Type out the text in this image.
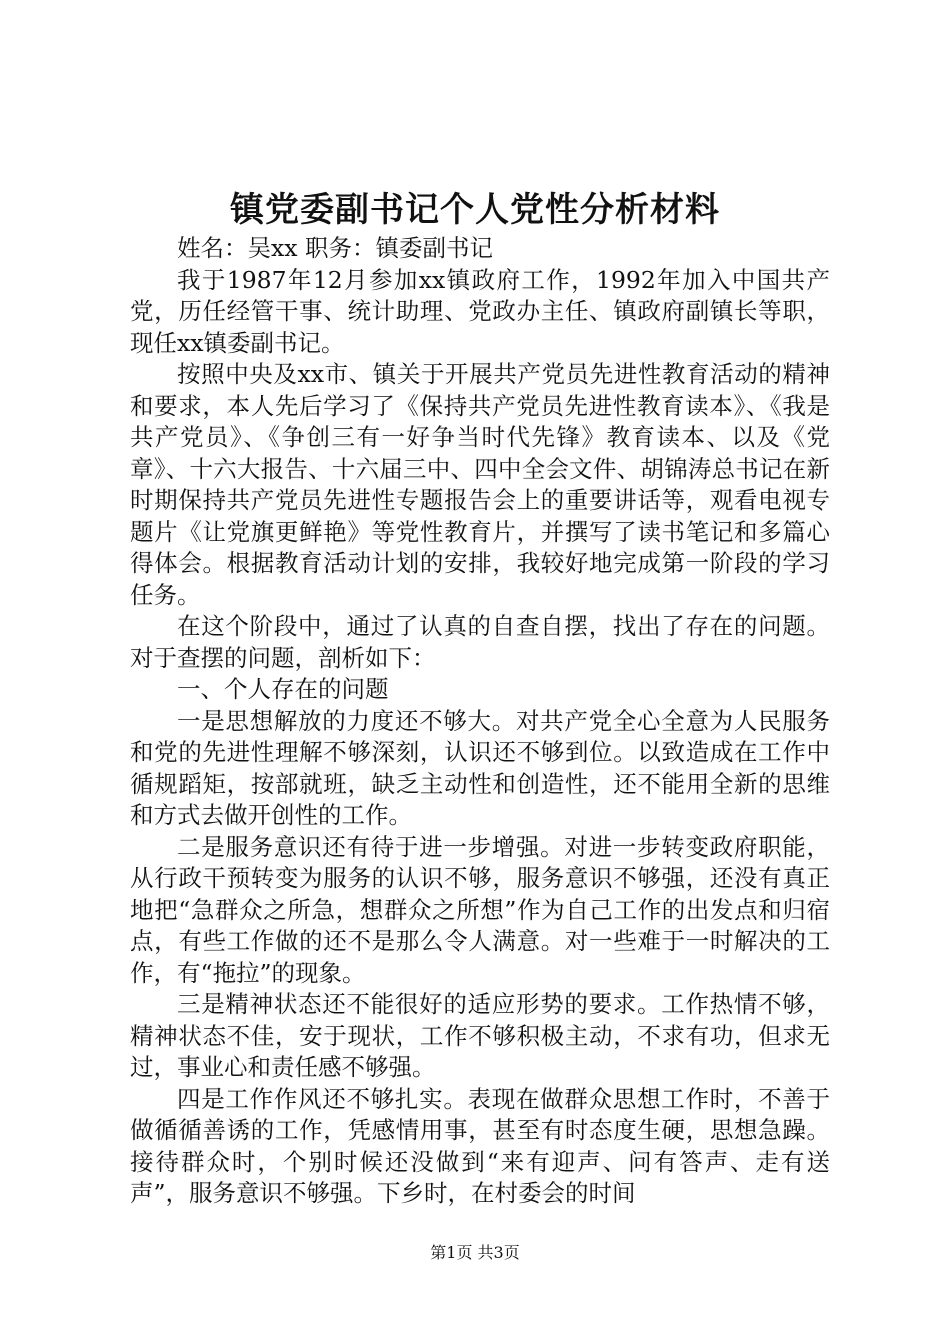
镇党委副书记个人党性分析材料

姓名：吴xx 职务：镇委副书记

我于1987年12月参加xx镇政府工作，1992年加入中国共产党，历任经管干事、统计助理、党政办主任、镇政府副镇长等职，现任xx镇委副书记。

按照中央及xx市、镇关于开展共产党员先进性教育活动的精神和要求，本人先后学习了《保持共产党员先进性教育读本》、《我是共产党员》、《争创三有一好争当时代先锋》教育读本、以及《党章》、十六大报告、十六届三中、四中全会文件、胡锦涛总书记在新时期保持共产党员先进性专题报告会上的重要讲话等，观看电视专题片《让党旗更鲜艳》等党性教育片，并撰写了读书笔记和多篇心得体会。根据教育活动计划的安排，我较好地完成第一阶段的学习任务。

在这个阶段中，通过了认真的自查自摆，找出了存在的问题。对于查摆的问题，剖析如下：

一、个人存在的问题

一是思想解放的力度还不够大。对共产党全心全意为人民服务和党的先进性理解不够深刻，认识还不够到位。以致造成在工作中循规蹈矩，按部就班，缺乏主动性和创造性，还不能用全新的思维和方式去做开创性的工作。

二是服务意识还有待于进一步增强。对进一步转变政府职能，从行政干预转变为服务的认识不够，服务意识不够强，还没有真正地把“急群众之所急，想群众之所想”作为自己工作的出发点和归宿点，有些工作做的还不是那么令人满意。对一些难于一时解决的工作，有“拖拉”的现象。

三是精神状态还不能很好的适应形势的要求。工作热情不够，精神状态不佳，安于现状，工作不够积极主动，不求有功，但求无过，事业心和责任感不够强。

四是工作作风还不够扎实。表现在做群众思想工作时，不善于做循循善诱的工作，凭感情用事，甚至有时态度生硬，思想急躁。接待群众时，个别时候还没做到“来有迎声、问有答声、走有送声”，服务意识不够强。下乡时，在村委会的时间

第1页 共3页
